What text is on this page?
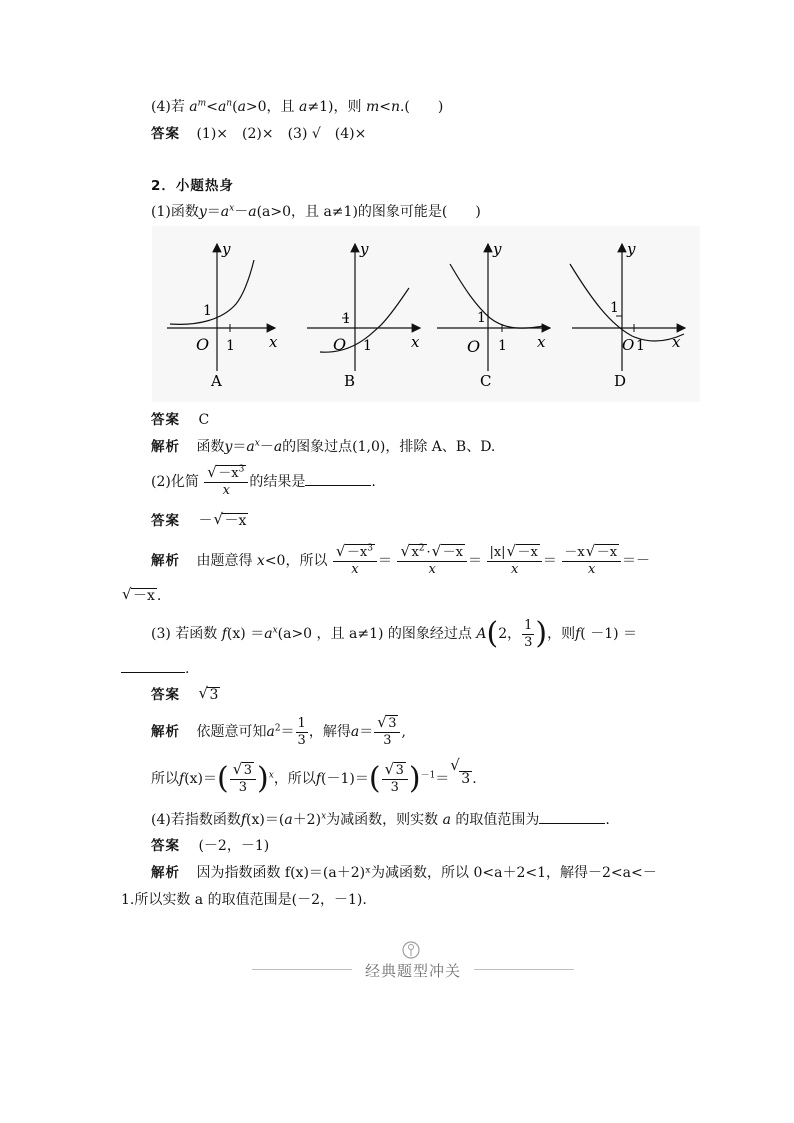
(4)若 $a^m<a^n(a>0$，且 a≠1)，则 m<n.(　　)
答案 (1)×　(2)×　(3) √　(4)×
2．小题热身
(1)函数$y=a^x-a(a>0$，且 a≠1)的图象可能是(　　)
y
x
1
1
O
A
y
x
1
1
O
B
y
x
1
1
O
C
y
x
1
1
O
D
答案 C
解析 函数$y=a^x-a$的图象过点(1,0)，排除 A、B、D.
(2)化简 $\frac{√ -x^3}{x}$ 的结果是	.
答案 － √ －x
解析 由题意得 x<0，所以 $\frac{√ -x^3}{x} = \frac{√ x^2 \cdot √ -x}{x} = \frac{|x| √ -x}{x} = \frac{-x √ -x}{x}$ ＝－
√ －x .
(3) 若函数 $f(x) =a^x(a>0$ ，且 a≠1) 的图象经过点 A(2， $\frac{1}{3}$ )，则f( －1) ＝
.
答案 √ 3
解析 依题意可知$a^2= \frac{1}{3}$ ，解得$a= \frac{√ 3}{3}$ ,
所以$f(x)=( \frac{√ 3}{3} )^x$，所以$f(-1)=( \frac{√ 3}{3} )^{-1}=$
√
3 .
(4)若指数函数$f(x)=(a+2)^x$为减函数，则实数 a 的取值范围为	.
答案 (－2，－1)
解析 因为指数函数 f(x)＝(a＋2)ˣ为减函数，所以 0<a＋2<1，解得－2<a<－
1.所以实数 a 的取值范围是(－2，－1).
经典题型冲关
